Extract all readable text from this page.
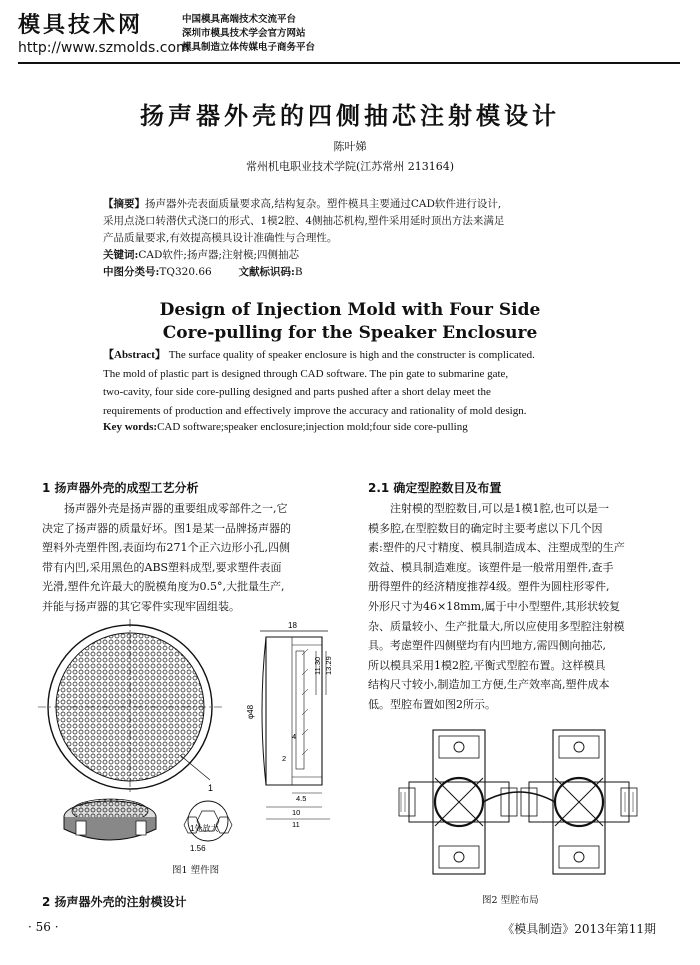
模具技术网
http://www.szmolds.com
中国模具高端技术交流平台
深圳市模具技术学会官方网站
模具制造立体传媒电子商务平台
扬声器外壳的四侧抽芯注射模设计
陈叶娣
常州机电职业技术学院(江苏常州 213164)
【摘要】扬声器外壳表面质量要求高,结构复杂。塑件模具主要通过CAD软件进行设计,
采用点浇口转潜伏式浇口的形式、1模2腔、4侧抽芯机构,塑件采用延时顶出方法来满足
产品质量要求,有效提高模具设计准确性与合理性。
关键词:CAD软件;扬声器;注射模;四侧抽芯
中图分类号:TQ320.66	文献标识码:B
Design of Injection Mold with Four Side
Core-pulling for the Speaker Enclosure
【Abstract】 The surface quality of speaker enclosure is high and the constructer is complicated.
The mold of plastic part is designed through CAD software. The pin gate to submarine gate,
two-cavity, four side core-pulling designed and parts pushed after a short delay meet the
requirements of production and effectively improve the accuracy and rationality of mold design.
Key words:CAD software;speaker enclosure;injection mold;four side core-pulling
1 扬声器外壳的成型工艺分析
扬声器外壳是扬声器的重要组成零部件之一,它
决定了扬声器的质量好坏。图1是某一品牌扬声器的
塑料外壳塑件图,表面均布271个正六边形小孔,四侧
带有内凹,采用黑色的ABS塑料成型,要求塑件表面
光滑,塑件允许最大的脱模角度为0.5°,大批量生产,
并能与扬声器的其它零件实现牢固组装。
1
1处放大
1.56
18
11.30 13.29
φ48
4
2
4.5
10
11
图1 塑件图
2 扬声器外壳的注射模设计
2.1 确定型腔数目及布置
注射模的型腔数目,可以是1模1腔,也可以是一
模多腔,在型腔数目的确定时主要考虑以下几个因
素:塑件的尺寸精度、模具制造成本、注塑成型的生产
效益、模具制造难度。该塑件是一般常用塑件,查手
册得塑件的经济精度推荐4级。塑件为圆柱形零件,
外形尺寸为46×18mm,属于中小型塑件,其形状较复
杂、质量较小、生产批量大,所以应使用多型腔注射模
具。考虑塑件四侧壁均有内凹地方,需四侧向抽芯,
所以模具采用1模2腔,平衡式型腔布置。这样模具
结构尺寸较小,制造加工方便,生产效率高,塑件成本
低。型腔布置如图2所示。
图2 型腔布局
· 56 ·	《模具制造》2013年第11期
